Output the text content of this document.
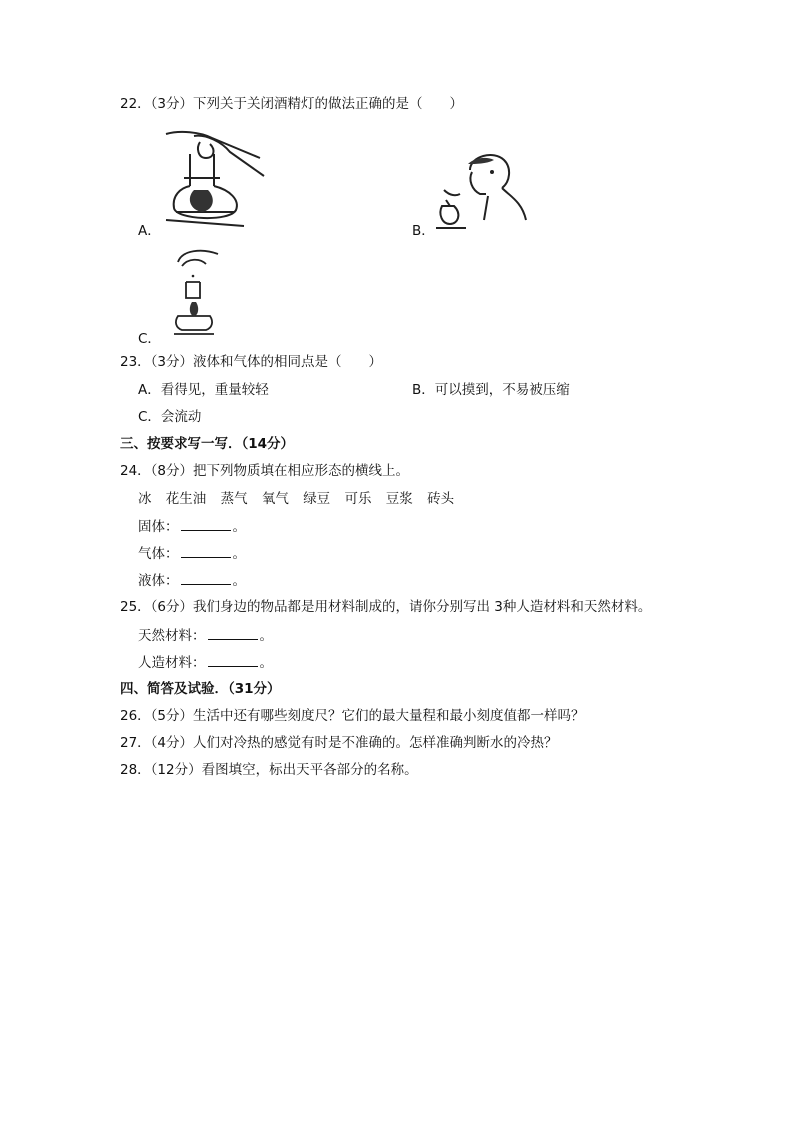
22．（3分）下列关于关闭酒精灯的做法正确的是（　　）
A．	B．
C．
23．（3分）液体和气体的相同点是（　　）
A．看得见，重量较轻	B．可以摸到，不易被压缩
C．会流动
三、按要求写一写．（14分）
24．（8分）把下列物质填在相应形态的横线上。
冰 花生油 蒸气 氧气 绿豆 可乐 豆浆 砖头
固体：	。
气体：	。
液体：	。
25．（6分）我们身边的物品都是用材料制成的，请你分别写出 3种人造材料和天然材料。
天然材料：	。
人造材料：	。
四、简答及试验．（31分）
26．（5分）生活中还有哪些刻度尺？它们的最大量程和最小刻度值都一样吗？
27．（4分）人们对冷热的感觉有时是不准确的。怎样准确判断水的冷热？
28．（12分）看图填空，标出天平各部分的名称。
